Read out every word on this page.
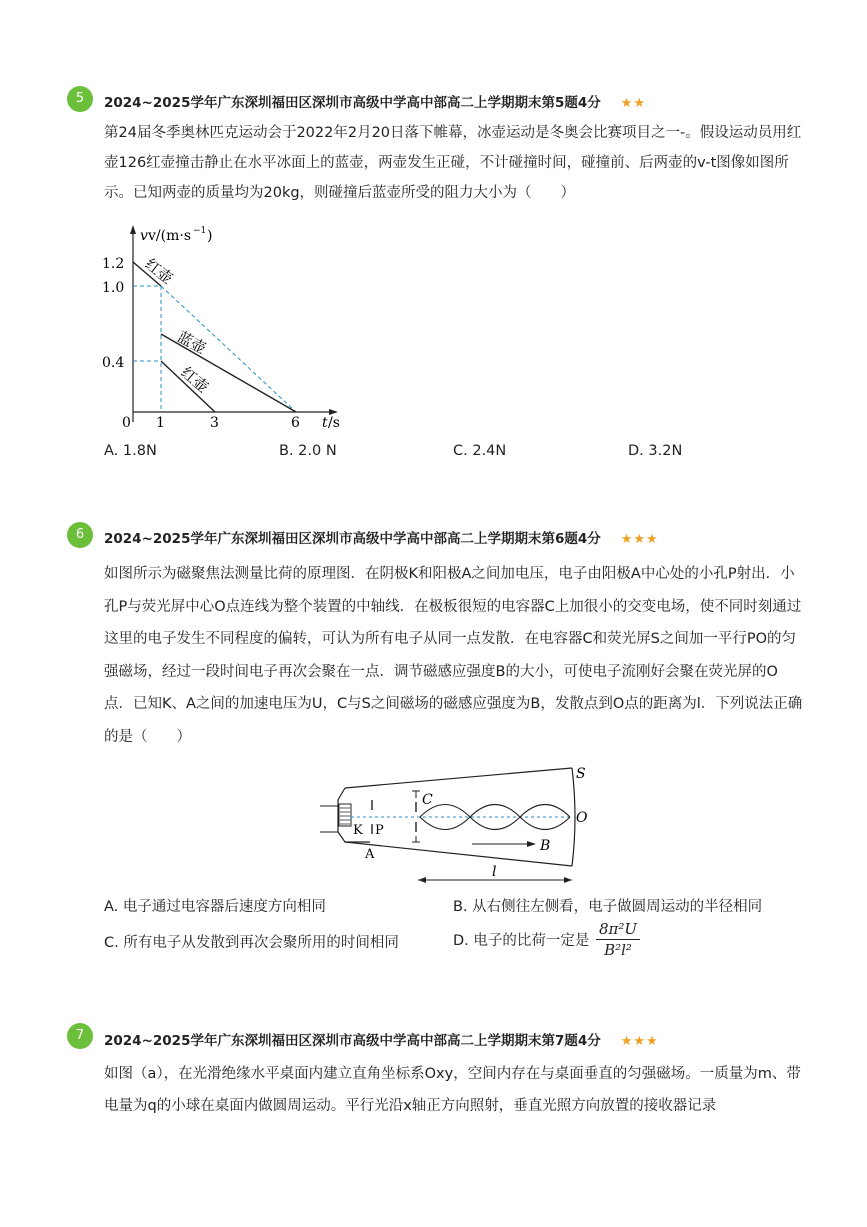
5	2024~2025学年广东深圳福田区深圳市高级中学高中部高二上学期期末第5题4分 ★★

第24届冬季奥林匹克运动会于2022年2月20日落下帷幕，冰壶运动是冬奥会比赛项目之一-。假设运动员用红壶126红壶撞击静止在水平冰面上的蓝壶，两壶发生正碰，不计碰撞时间，碰撞前、后两壶的v-t图像如图所示。已知两壶的质量均为20kg，则碰撞后蓝壶所受的阻力大小为（　　）

v v/(m·s −1 )
t /s
0
1.2
1.0
0.4
1	3	6
红壶
蓝壶
红壶
A. 1.8N	B. 2.0 N	C. 2.4N	D. 3.2N
6	2024~2025学年广东深圳福田区深圳市高级中学高中部高二上学期期末第6题4分 ★★★

如图所示为磁聚焦法测量比荷的原理图．在阴极K和阳极A之间加电压，电子由阳极A中心处的小孔P射出．小孔P与荧光屏中心O点连线为整个装置的中轴线．在极板很短的电容器C上加很小的交变电场，使不同时刻通过这里的电子发生不同程度的偏转，可认为所有电子从同一点发散．在电容器C和荧光屏S之间加一平行PO的匀强磁场，经过一段时间电子再次会聚在一点．调节磁感应强度B的大小，可使电子流刚好会聚在荧光屏的O点．已知K、A之间的加速电压为U，C与S之间磁场的磁感应强度为B，发散点到O点的距离为l．下列说法正确的是（　　）

S
C
O
K P
A
B
l
A. 电子通过电容器后速度方向相同	B. 从右侧往左侧看，电子做圆周运动的半径相同
C. 所有电子从发散到再次会聚所用的时间相同	D. 电子的比荷一定是 $\frac{\text{8π²U}}{\text{B²l²}}$
7	2024~2025学年广东深圳福田区深圳市高级中学高中部高二上学期期末第7题4分 ★★★

如图（a），在光滑绝缘水平桌面内建立直角坐标系Oxy，空间内存在与桌面垂直的匀强磁场。一质量为m、带电量为q的小球在桌面内做圆周运动。平行光沿x轴正方向照射，垂直光照方向放置的接收器记录
